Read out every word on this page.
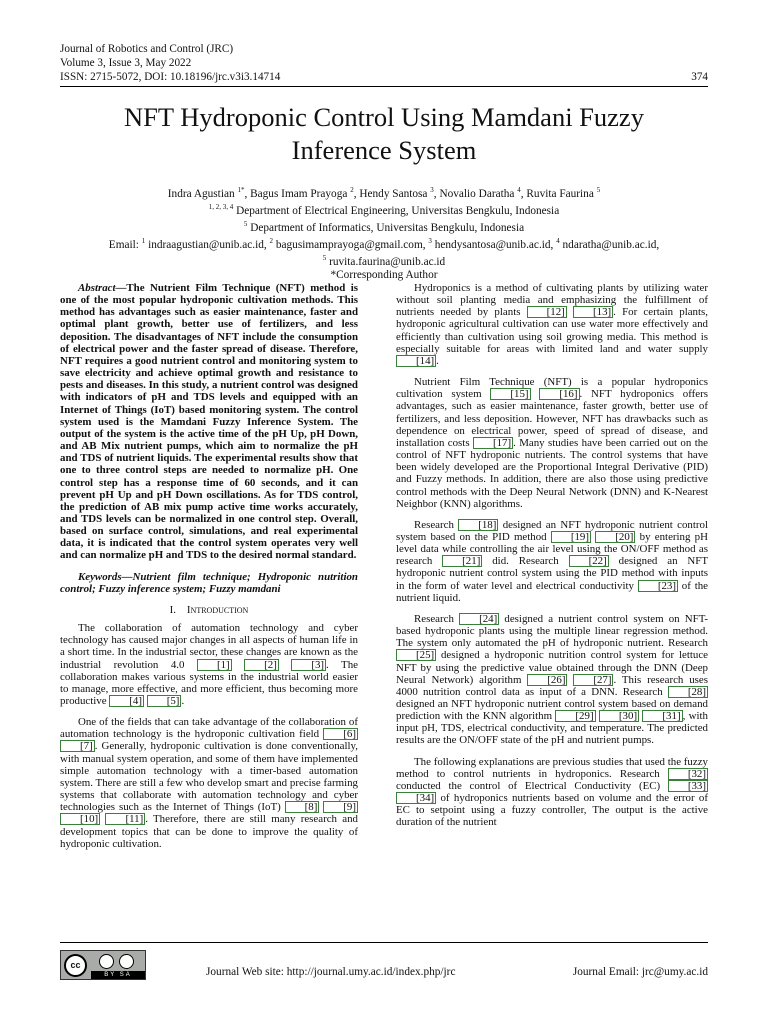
Journal of Robotics and Control (JRC)
Volume 3, Issue 3, May 2022
ISSN: 2715-5072, DOI: 10.18196/jrc.v3i3.14714	374
NFT Hydroponic Control Using Mamdani Fuzzy
Inference System
Indra Agustian $^{1*}$, Bagus Imam Prayoga $^2$, Hendy Santosa $^3$, Novalio Daratha $^4$, Ruvita Faurina $^5$
$^{1, 2, 3, 4}$ Department of Electrical Engineering, Universitas Bengkulu, Indonesia
$^5$ Department of Informatics, Universitas Bengkulu, Indonesia
Email: $^1$ indraagustian@unib.ac.id, $^2$ bagusimamprayoga@gmail.com, $^3$ hendysantosa@unib.ac.id, $^4$ ndaratha@unib.ac.id,
$^5$ ruvita.faurina@unib.ac.id
*Corresponding Author

Abstract—The Nutrient Film Technique (NFT) method is one of the most popular hydroponic cultivation methods. This method has advantages such as easier maintenance, faster and optimal plant growth, better use of fertilizers, and less deposition. The disadvantages of NFT include the consumption of electrical power and the faster spread of disease. Therefore, NFT requires a good nutrient control and monitoring system to save electricity and achieve optimal growth and resistance to pests and diseases. In this study, a nutrient control was designed with indicators of pH and TDS levels and equipped with an Internet of Things (IoT) based monitoring system. The control system used is the Mamdani Fuzzy Inference System. The output of the system is the active time of the pH Up, pH Down, and AB Mix nutrient pumps, which aim to normalize the pH and TDS of nutrient liquids. The experimental results show that one to three control steps are needed to normalize pH. One control step has a response time of 60 seconds, and it can prevent pH Up and pH Down oscillations. As for TDS control, the prediction of AB mix pump active time works accurately, and TDS levels can be normalized in one control step. Overall, based on surface control, simulations, and real experimental data, it is indicated that the control system operates very well and can normalize pH and TDS to the desired normal standard.

Keywords—Nutrient film technique; Hydroponic nutrition control; Fuzzy inference system; Fuzzy mamdani

I. Introduction

The collaboration of automation technology and cyber technology has caused major changes in all aspects of human life in a short time. In the industrial sector, these changes are known as the industrial revolution 4.0 [1]	[2]	[3] . The collaboration makes various systems in the industrial world easier to manage, more effective, and more efficient, thus becoming more productive [4] [5] .

One of the fields that can take advantage of the collaboration of automation technology is the hydroponic cultivation field [6] [7] . Generally, hydroponic cultivation is done conventionally, with manual system operation, and some of them have implemented simple automation technology with a timer-based automation system. There are still a few who develop smart and precise farming systems that collaborate with automation technology and cyber technologies such as the Internet of Things (IoT) [8] [9] [10]	[11] . Therefore, there are still many research and development topics that can be done to improve the quality of hydroponic cultivation.

Hydroponics is a method of cultivating plants by utilizing water without soil planting media and emphasizing the fulfillment of nutrients needed by plants [12]	[13] . For certain plants, hydroponic agricultural cultivation can use water more effectively and efficiently than cultivation using soil growing media. This method is especially suitable for areas with limited land and water supply [14] .

Nutrient Film Technique (NFT) is a popular hydroponics cultivation system [15]	[16] . NFT hydroponics offers advantages, such as easier maintenance, faster growth, better use of fertilizers, and less deposition. However, NFT has drawbacks such as dependence on electrical power, speed of spread of disease, and installation costs [17] . Many studies have been carried out on the control of NFT hydroponic nutrients. The control systems that have been widely developed are the Proportional Integral Derivative (PID) and Fuzzy methods. In addition, there are also those using predictive control methods with the Deep Neural Network (DNN) and K-Nearest Neighbor (KNN) algorithms.

Research [18] designed an NFT hydroponic nutrient control system based on the PID method [19] [20] by entering pH level data while controlling the air level using the ON/OFF method as research [21] did. Research [22] designed an NFT hydroponic nutrient control system using the PID method with inputs in the form of water level and electrical conductivity [23] of the nutrient liquid.

Research [24] designed a nutrient control system on NFT-based hydroponic plants using the multiple linear regression method. The system only automated the pH of hydroponic nutrient. Research [25] designed a hydroponic nutrition control system for lettuce NFT by using the predictive value obtained through the DNN (Deep Neural Network) algorithm [26]	[27] . This research uses 4000 nutrition control data as input of a DNN. Research [28] designed an NFT hydroponic nutrient control system based on demand prediction with the KNN algorithm [29] [30] [31] , with input pH, TDS, electrical conductivity, and temperature. The predicted results are the ON/OFF state of the pH and nutrient pumps.

The following explanations are previous studies that used the fuzzy method to control nutrients in hydroponics. Research [32] conducted the control of Electrical Conductivity (EC) [33] [34] of hydroponics nutrients based on volume and the error of EC to setpoint using a fuzzy controller, The output is the active duration of the nutrient

cc
BY SA	Journal Web site: http://journal.umy.ac.id/index.php/jrc	Journal Email: jrc@umy.ac.id
